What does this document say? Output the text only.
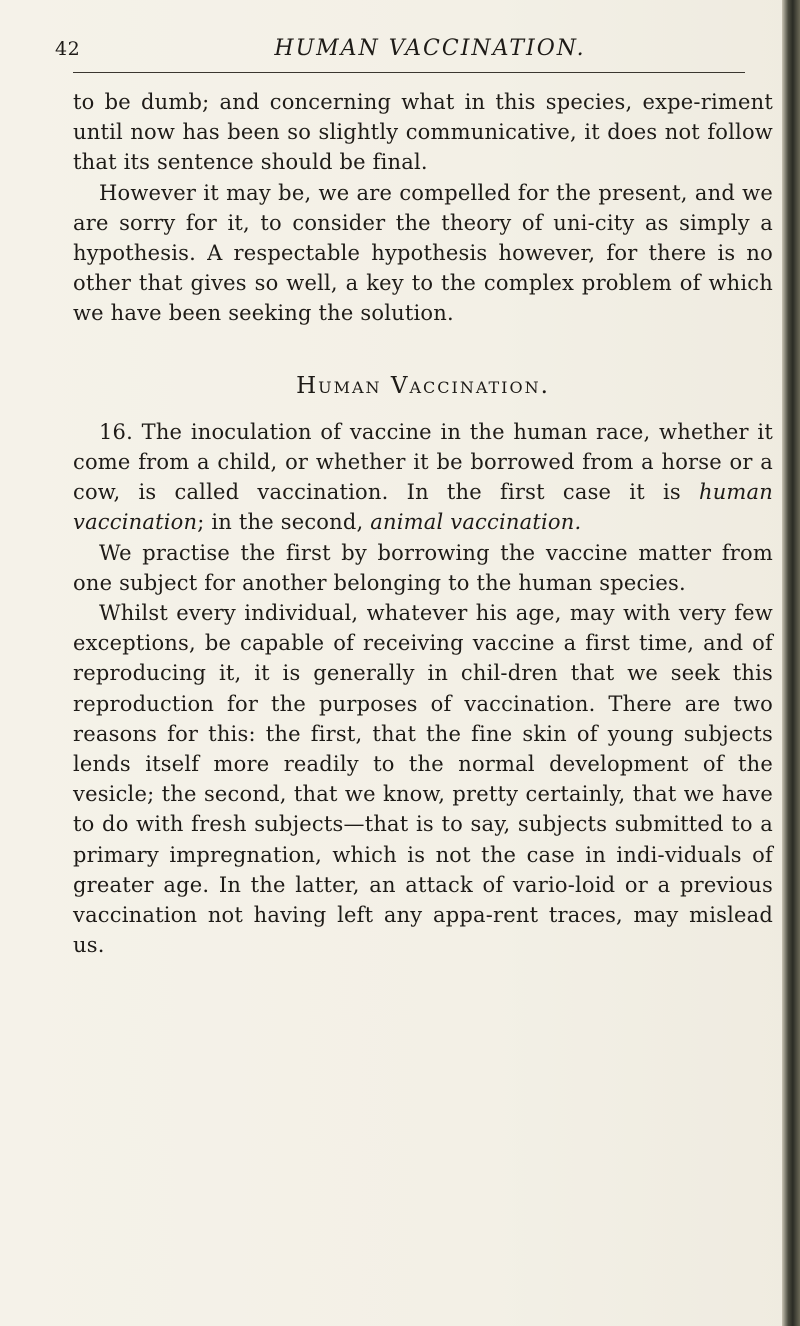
42	HUMAN VACCINATION.

to be dumb; and concerning what in this species, expe-riment until now has been so slightly communicative, it does not follow that its sentence should be final.

However it may be, we are compelled for the present, and we are sorry for it, to consider the theory of uni-city as simply a hypothesis. A respectable hypothesis however, for there is no other that gives so well, a key to the complex problem of which we have been seeking the solution.

Human Vaccination.

16. The inoculation of vaccine in the human race, whether it come from a child, or whether it be borrowed from a horse or a cow, is called vaccination. In the first case it is human vaccination; in the second, animal vaccination.

We practise the first by borrowing the vaccine matter from one subject for another belonging to the human species.

Whilst every individual, whatever his age, may with very few exceptions, be capable of receiving vaccine a first time, and of reproducing it, it is generally in chil-dren that we seek this reproduction for the purposes of vaccination. There are two reasons for this: the first, that the fine skin of young subjects lends itself more readily to the normal development of the vesicle; the second, that we know, pretty certainly, that we have to do with fresh subjects—that is to say, subjects submitted to a primary impregnation, which is not the case in indi-viduals of greater age. In the latter, an attack of vario-loid or a previous vaccination not having left any appa-rent traces, may mislead us.
